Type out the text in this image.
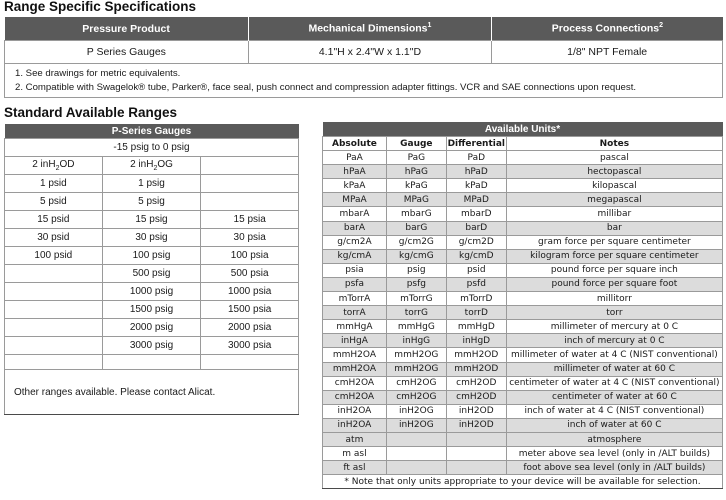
Range Specific Specifications
Standard Available Ranges
Pressure Product	Mechanical Dimensions$^1$	Process Connections$^2$
P Series Gauges	4.1"H x 2.4"W x 1.1"D	1/8" NPT Female

1. See drawings for metric equivalents.
2. Compatible with Swagelok® tube, Parker®, face seal, push connect and compression adapter fittings. VCR and SAE connections upon request.		
P-Series Gauges		
-15 psig to 0 psig		
2 inH$_2$OD	2 inH$_2$OG	
1 psid	1 psig	
5 psid	5 psig	
15 psid	15 psig	15 psia
30 psid	30 psig	30 psia
100 psid	100 psig	100 psia
	500 psig	500 psia
	1000 psig	1000 psia
	1500 psig	1500 psia
	2000 psig	2000 psia
	3000 psig	3000 psia

Other ranges available. Please contact Alicat.		
Available Units*			
Absolute	Gauge	Differential	Notes
PaA	PaG	PaD	pascal
hPaA	hPaG	hPaD	hectopascal
kPaA	kPaG	kPaD	kilopascal
MPaA	MPaG	MPaD	megapascal
mbarA	mbarG	mbarD	millibar
barA	barG	barD	bar
g/cm2A	g/cm2G	g/cm2D	gram force per square centimeter
kg/cmA	kg/cmG	kg/cmD	kilogram force per square centimeter
psia	psig	psid	pound force per square inch
psfa	psfg	psfd	pound force per square foot
mTorrA	mTorrG	mTorrD	millitorr
torrA	torrG	torrD	torr
mmHgA	mmHgG	mmHgD	millimeter of mercury at 0 C
inHgA	inHgG	inHgD	inch of mercury at 0 C
mmH2OA	mmH2OG	mmH2OD	millimeter of water at 4 C (NIST conventional)
mmH2OA	mmH2OG	mmH2OD	millimeter of water at 60 C
cmH2OA	cmH2OG	cmH2OD	centimeter of water at 4 C (NIST conventional)
cmH2OA	cmH2OG	cmH2OD	centimeter of water at 60 C
inH2OA	inH2OG	inH2OD	inch of water at 4 C (NIST conventional)
inH2OA	inH2OG	inH2OD	inch of water at 60 C
atm			atmosphere
m asl			meter above sea level (only in /ALT builds)
ft asl			foot above sea level (only in /ALT builds)
* Note that only units appropriate to your device will be available for selection.			
